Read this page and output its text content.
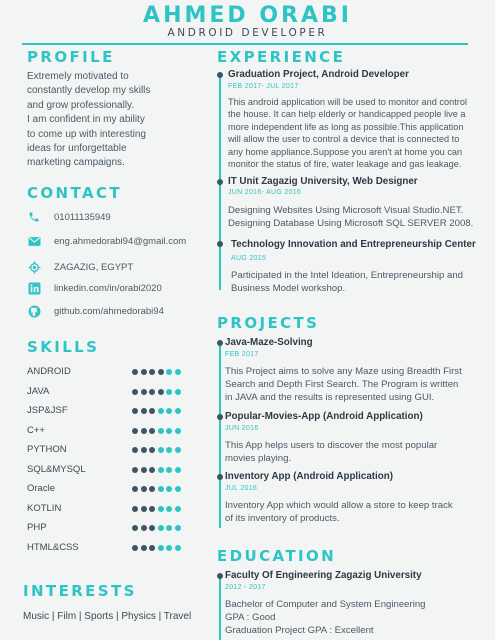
AHMED ORABI
ANDROID DEVELOPER
PROFILE
Extremely motivated to
constantly develop my skills
and grow professionally.
I am confident in my ability
to come up with interesting
ideas for unforgettable
marketing campaigns.
CONTACT
01011135949
eng.ahmedorabi94@gmail.com
ZAGAZIG, EGYPT
linkedin.com/in/orabi2020
github.com/ahmedorabi94
SKILLS
ANDROID
JAVA
JSP&JSF
C++
PYTHON
SQL&MYSQL
Oracle
KOTLIN
PHP
HTML&CSS
INTERESTS
Music | Film | Sports | Physics | Travel
EXPERIENCE
Graduation Project, Android Developer
FEB 2017- JUL 2017
This android application will be used to monitor and control
the house. It can help elderly or handicapped people live a
more independent life as long as possible.This application
will allow the user to control a device that is connected to
any home appliance.Suppose you aren't at home you can
monitor the status of fire, water leakage and gas leakage.
IT Unit Zagazig University, Web Designer
JUN 2016- AUG 2016
Designing Websites Using Microsoft Visual Studio.NET.
Designing Database Using Microsoft SQL SERVER 2008.
Technology Innovation and Entrepreneurship Center
AUG 2015
Participated in the Intel Ideation, Entrepreneurship and
Business Model workshop.
PROJECTS
Java-Maze-Solving
FEB 2017
This Project aims to solve any Maze using Breadth First
Search and Depth First Search. The Program is written
in JAVA and the results is represented using GUI.
Popular-Movies-App (Android Application)
JUN 2016
This App helps users to discover the most popular
movies playing.
Inventory App (Android Application)
JUL 2016
Inventory App which would allow a store to keep track
of its inventory of products.
EDUCATION
Faculty Of Engineering Zagazig University
2012 - 2017
Bachelor of Computer and System Engineering
GPA : Good
Graduation Project GPA : Excellent
